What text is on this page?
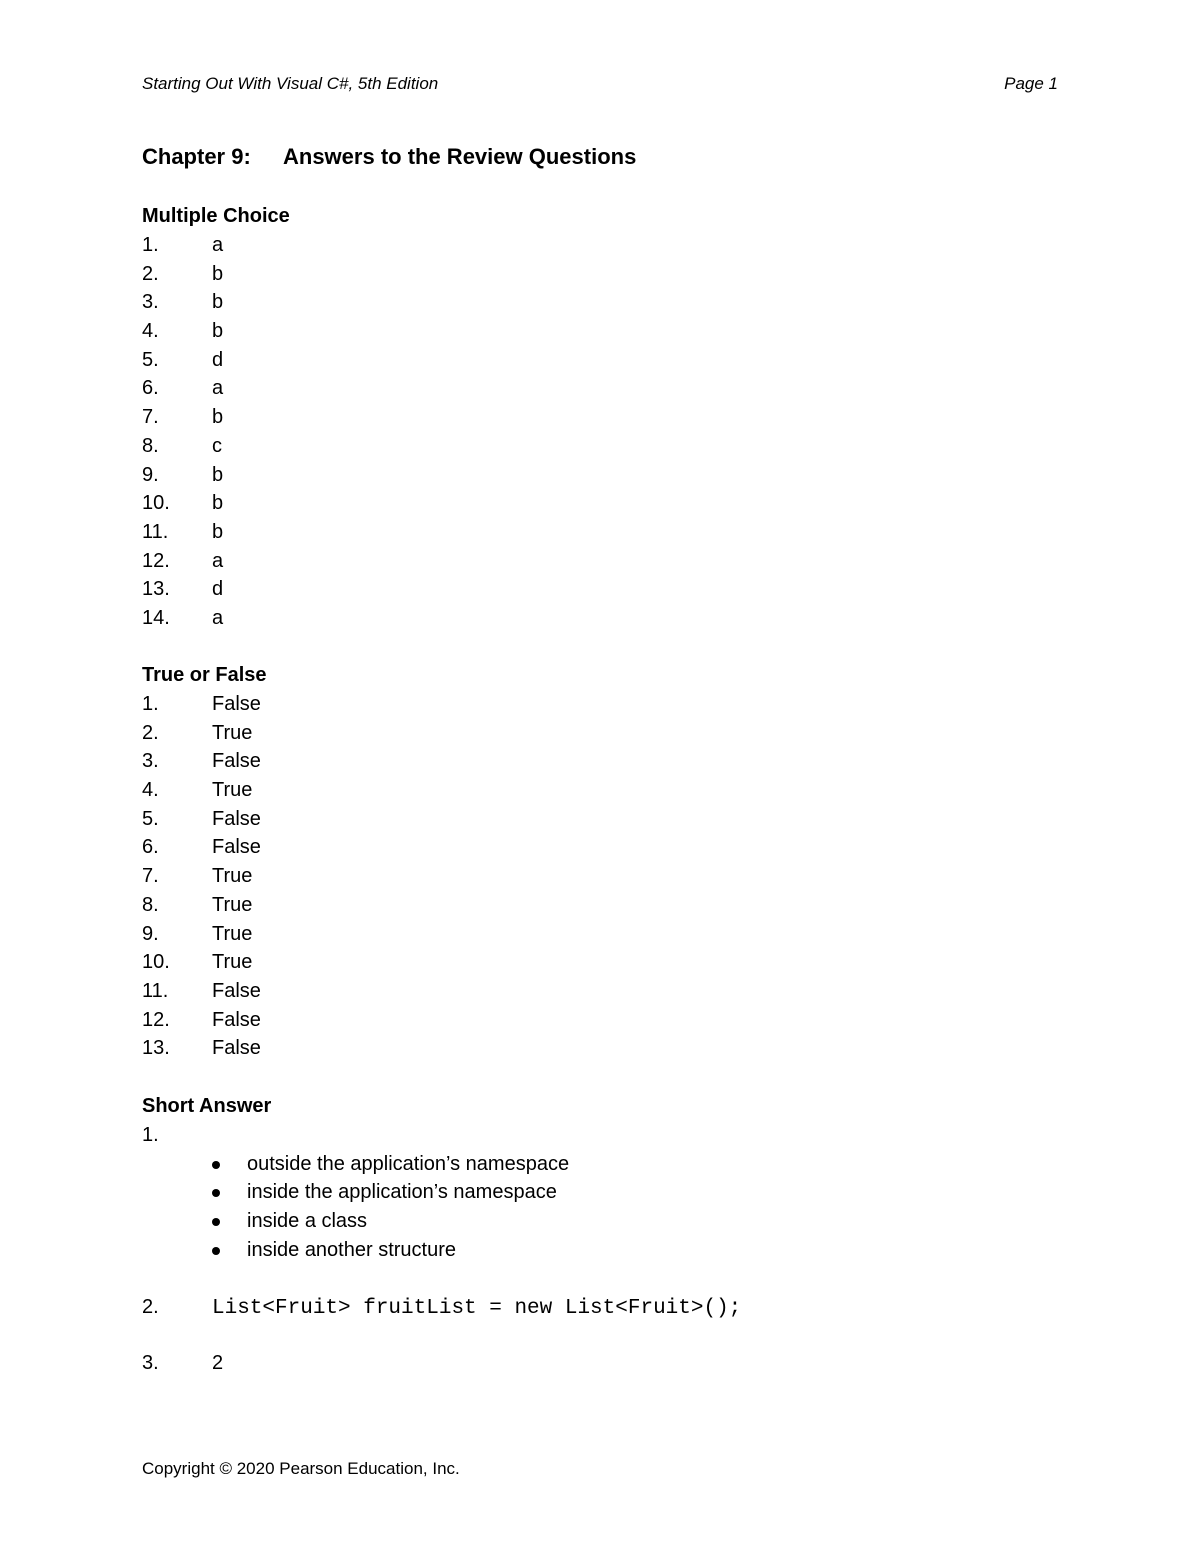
Starting Out With Visual C#, 5th Edition	Page 1
Chapter 9: Answers to the Review Questions
Multiple Choice
1.	a
2.	b
3.	b
4.	b
5.	d
6.	a
7.	b
8.	c
9.	b
10. b
11. b
12. a
13. d
14. a
True or False
1.	False
2.	True
3.	False
4.	True
5.	False
6.	False
7.	True
8.	True
9.	True
10. True
11. False
12. False
13. False
Short Answer
1.
outside the application’s namespace
inside the application’s namespace
inside a class
inside another structure
2.	List<Fruit> fruitList = new List<Fruit>();
3.	2
Copyright © 2020 Pearson Education, Inc.
